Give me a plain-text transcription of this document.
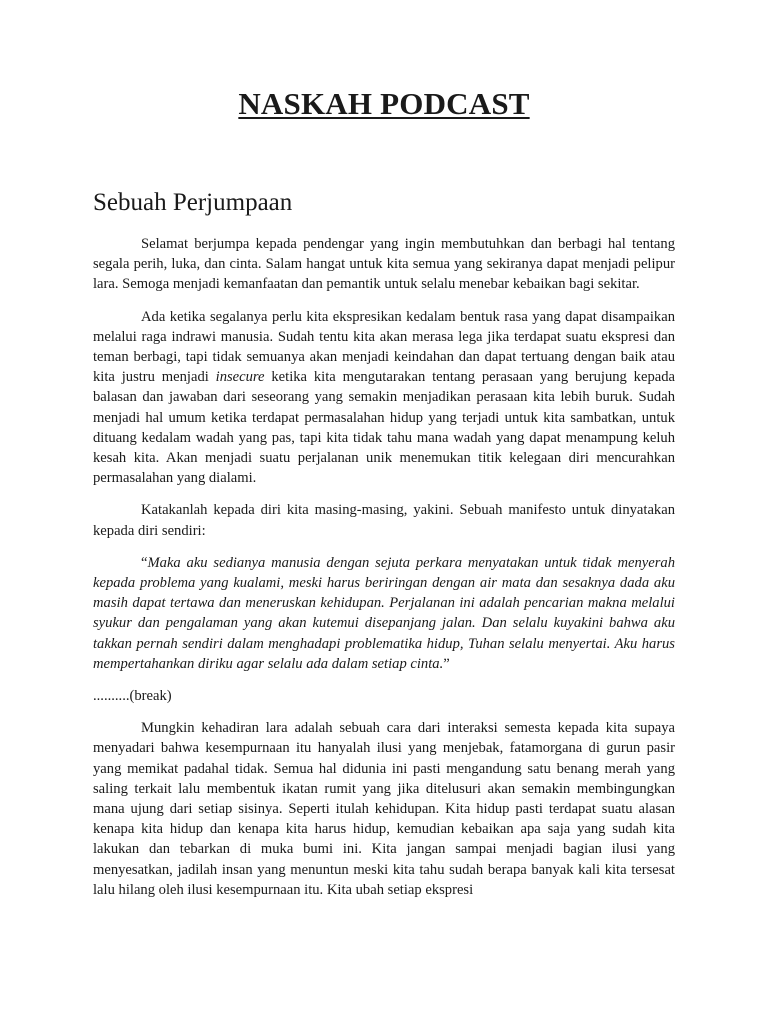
NASKAH PODCAST
Sebuah Perjumpaan

Selamat berjumpa kepada pendengar yang ingin membutuhkan dan berbagi hal tentang segala perih, luka, dan cinta. Salam hangat untuk kita semua yang sekiranya dapat menjadi pelipur lara. Semoga menjadi kemanfaatan dan pemantik untuk selalu menebar kebaikan bagi sekitar.

Ada ketika segalanya perlu kita ekspresikan kedalam bentuk rasa yang dapat disampaikan melalui raga indrawi manusia. Sudah tentu kita akan merasa lega jika terdapat suatu ekspresi dan teman berbagi, tapi tidak semuanya akan menjadi keindahan dan dapat tertuang dengan baik atau kita justru menjadi insecure ketika kita mengutarakan tentang perasaan yang berujung kepada balasan dan jawaban dari seseorang yang semakin menjadikan perasaan kita lebih buruk. Sudah menjadi hal umum ketika terdapat permasalahan hidup yang terjadi untuk kita sambatkan, untuk dituang kedalam wadah yang pas, tapi kita tidak tahu mana wadah yang dapat menampung keluh kesah kita. Akan menjadi suatu perjalanan unik menemukan titik kelegaan diri mencurahkan permasalahan yang dialami.

Katakanlah kepada diri kita masing-masing, yakini. Sebuah manifesto untuk dinyatakan kepada diri sendiri:

“Maka aku sedianya manusia dengan sejuta perkara menyatakan untuk tidak menyerah kepada problema yang kualami, meski harus beriringan dengan air mata dan sesaknya dada aku masih dapat tertawa dan meneruskan kehidupan. Perjalanan ini adalah pencarian makna melalui syukur dan pengalaman yang akan kutemui disepanjang jalan. Dan selalu kuyakini bahwa aku takkan pernah sendiri dalam menghadapi problematika hidup, Tuhan selalu menyertai. Aku harus mempertahankan diriku agar selalu ada dalam setiap cinta.”

..........(break)

Mungkin kehadiran lara adalah sebuah cara dari interaksi semesta kepada kita supaya menyadari bahwa kesempurnaan itu hanyalah ilusi yang menjebak, fatamorgana di gurun pasir yang memikat padahal tidak. Semua hal didunia ini pasti mengandung satu benang merah yang saling terkait lalu membentuk ikatan rumit yang jika ditelusuri akan semakin membingungkan mana ujung dari setiap sisinya. Seperti itulah kehidupan. Kita hidup pasti terdapat suatu alasan kenapa kita hidup dan kenapa kita harus hidup, kemudian kebaikan apa saja yang sudah kita lakukan dan tebarkan di muka bumi ini. Kita jangan sampai menjadi bagian ilusi yang menyesatkan, jadilah insan yang menuntun meski kita tahu sudah berapa banyak kali kita tersesat lalu hilang oleh ilusi kesempurnaan itu. Kita ubah setiap ekspresi
